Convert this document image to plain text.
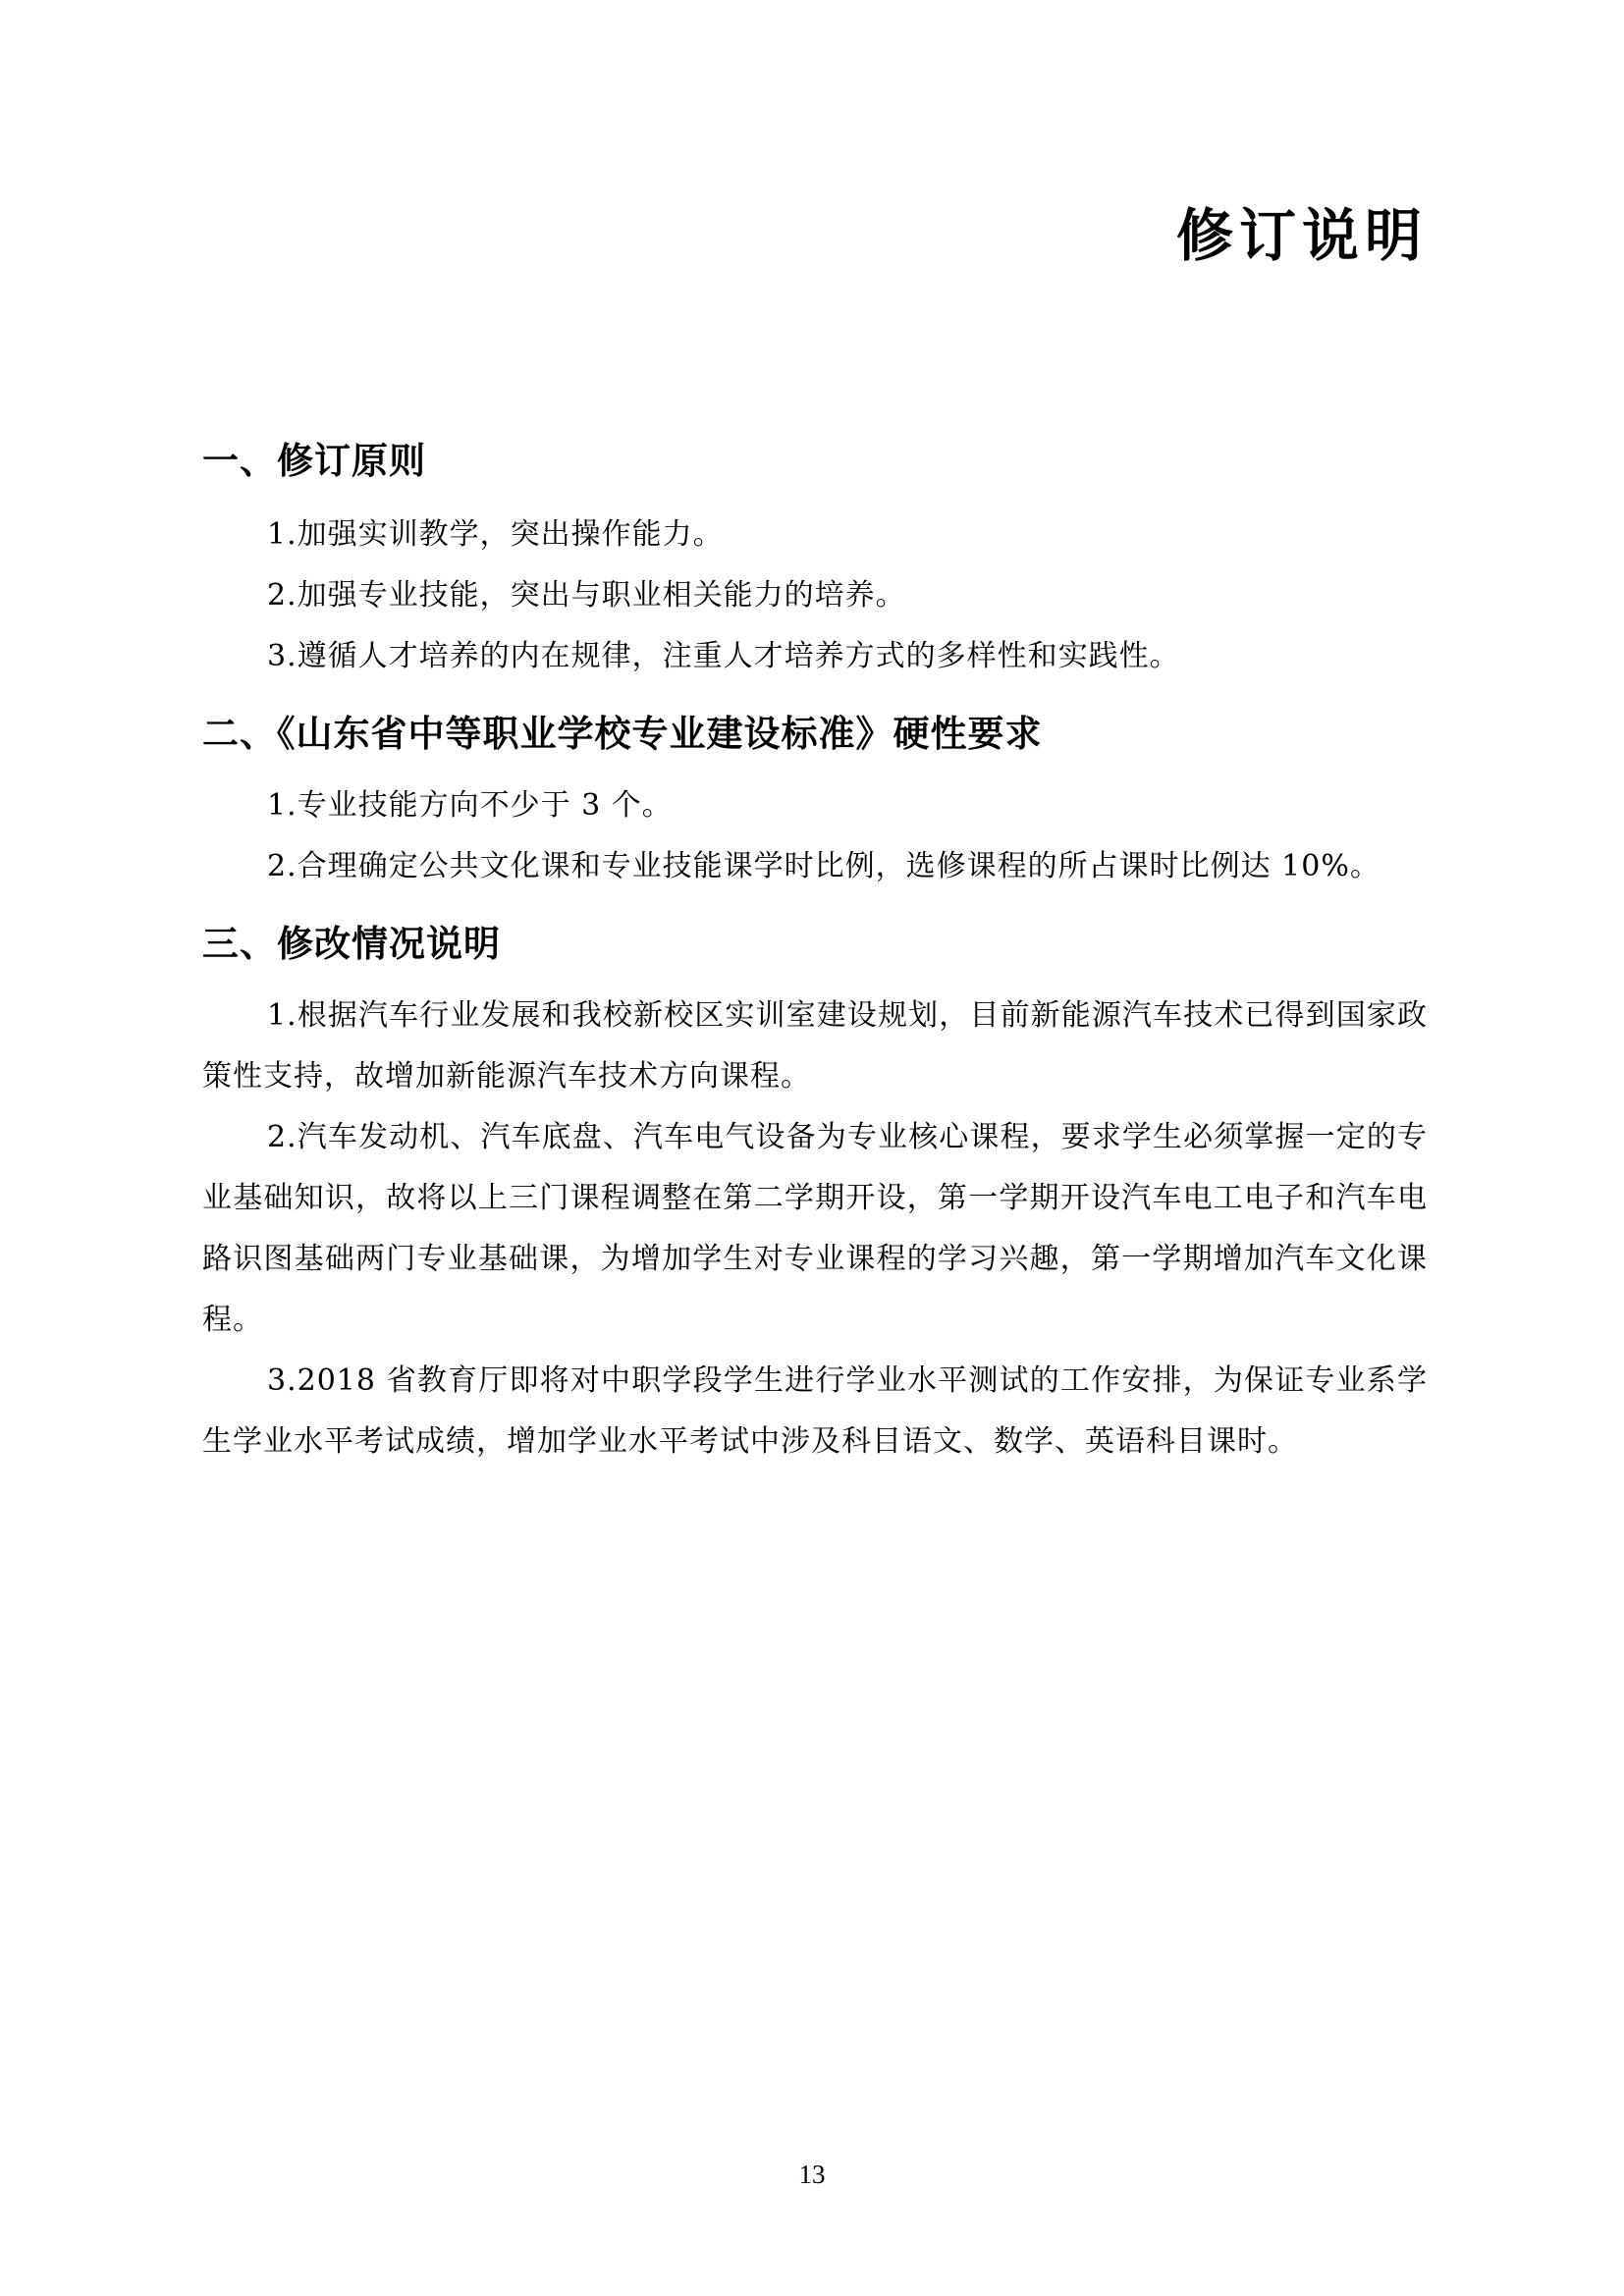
修订说明
一、修订原则

1.加强实训教学，突出操作能力。

2.加强专业技能，突出与职业相关能力的培养。

3.遵循人才培养的内在规律，注重人才培养方式的多样性和实践性。

二、《山东省中等职业学校专业建设标准》硬性要求

1.专业技能方向不少于 3 个。

2.合理确定公共文化课和专业技能课学时比例，选修课程的所占课时比例达 10%。

三、修改情况说明

1.根据汽车行业发展和我校新校区实训室建设规划，目前新能源汽车技术已得到国家政策性支持，故增加新能源汽车技术方向课程。

2.汽车发动机、汽车底盘、汽车电气设备为专业核心课程，要求学生必须掌握一定的专业基础知识，故将以上三门课程调整在第二学期开设，第一学期开设汽车电工电子和汽车电路识图基础两门专业基础课，为增加学生对专业课程的学习兴趣，第一学期增加汽车文化课程。

3.2018 省教育厅即将对中职学段学生进行学业水平测试的工作安排，为保证专业系学生学业水平考试成绩，增加学业水平考试中涉及科目语文、数学、英语科目课时。

13
